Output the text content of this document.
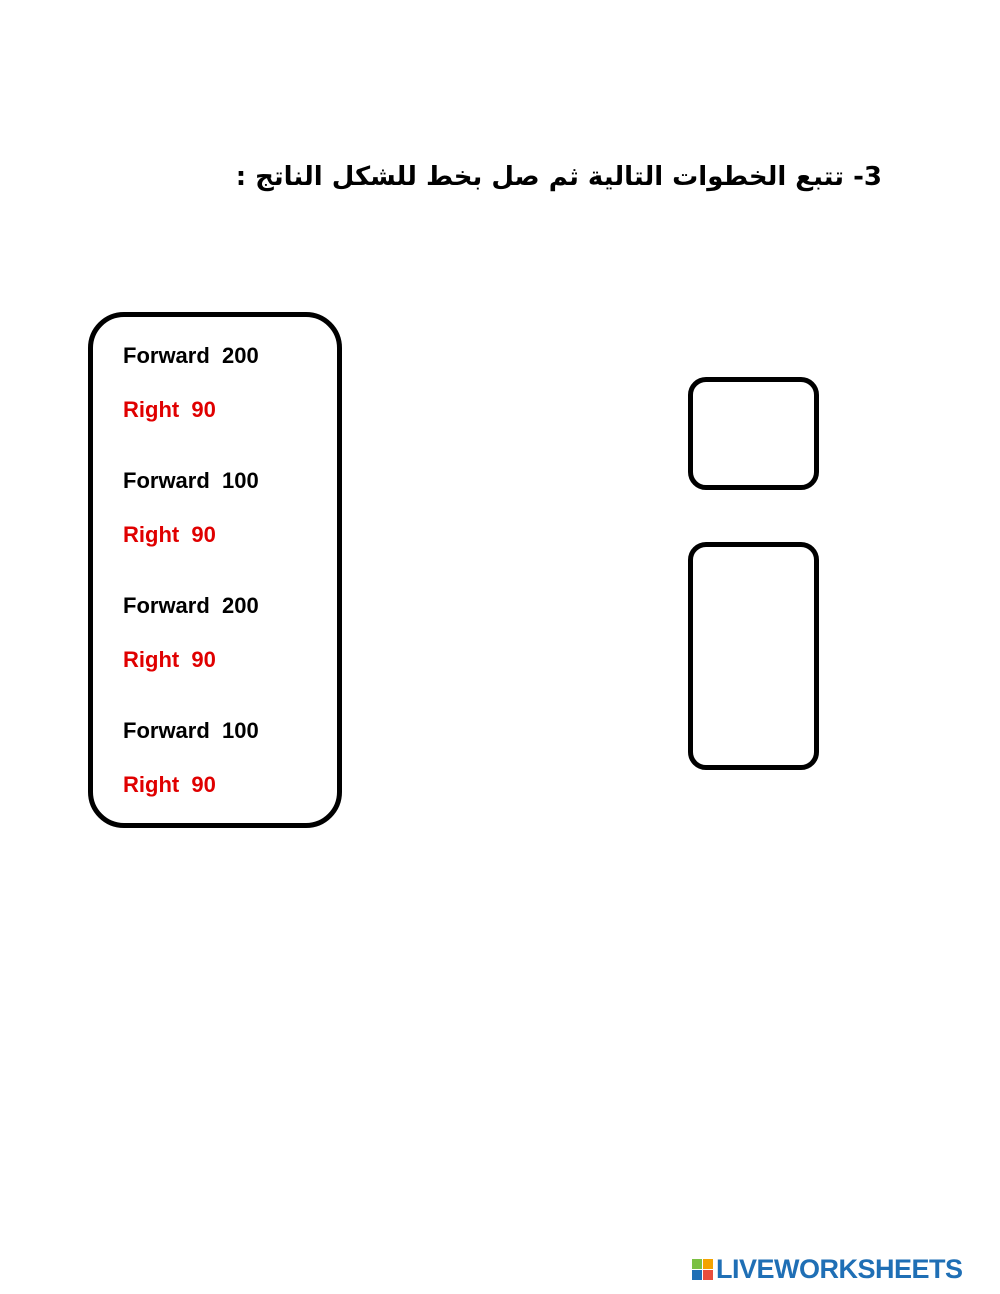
3- تتبع الخطوات التالية ثم صل بخط للشكل الناتج :
Forward  200
Right  90
Forward  100
Right  90
Forward  200
Right  90
Forward  100
Right  90
LIVEWORKSHEETS
